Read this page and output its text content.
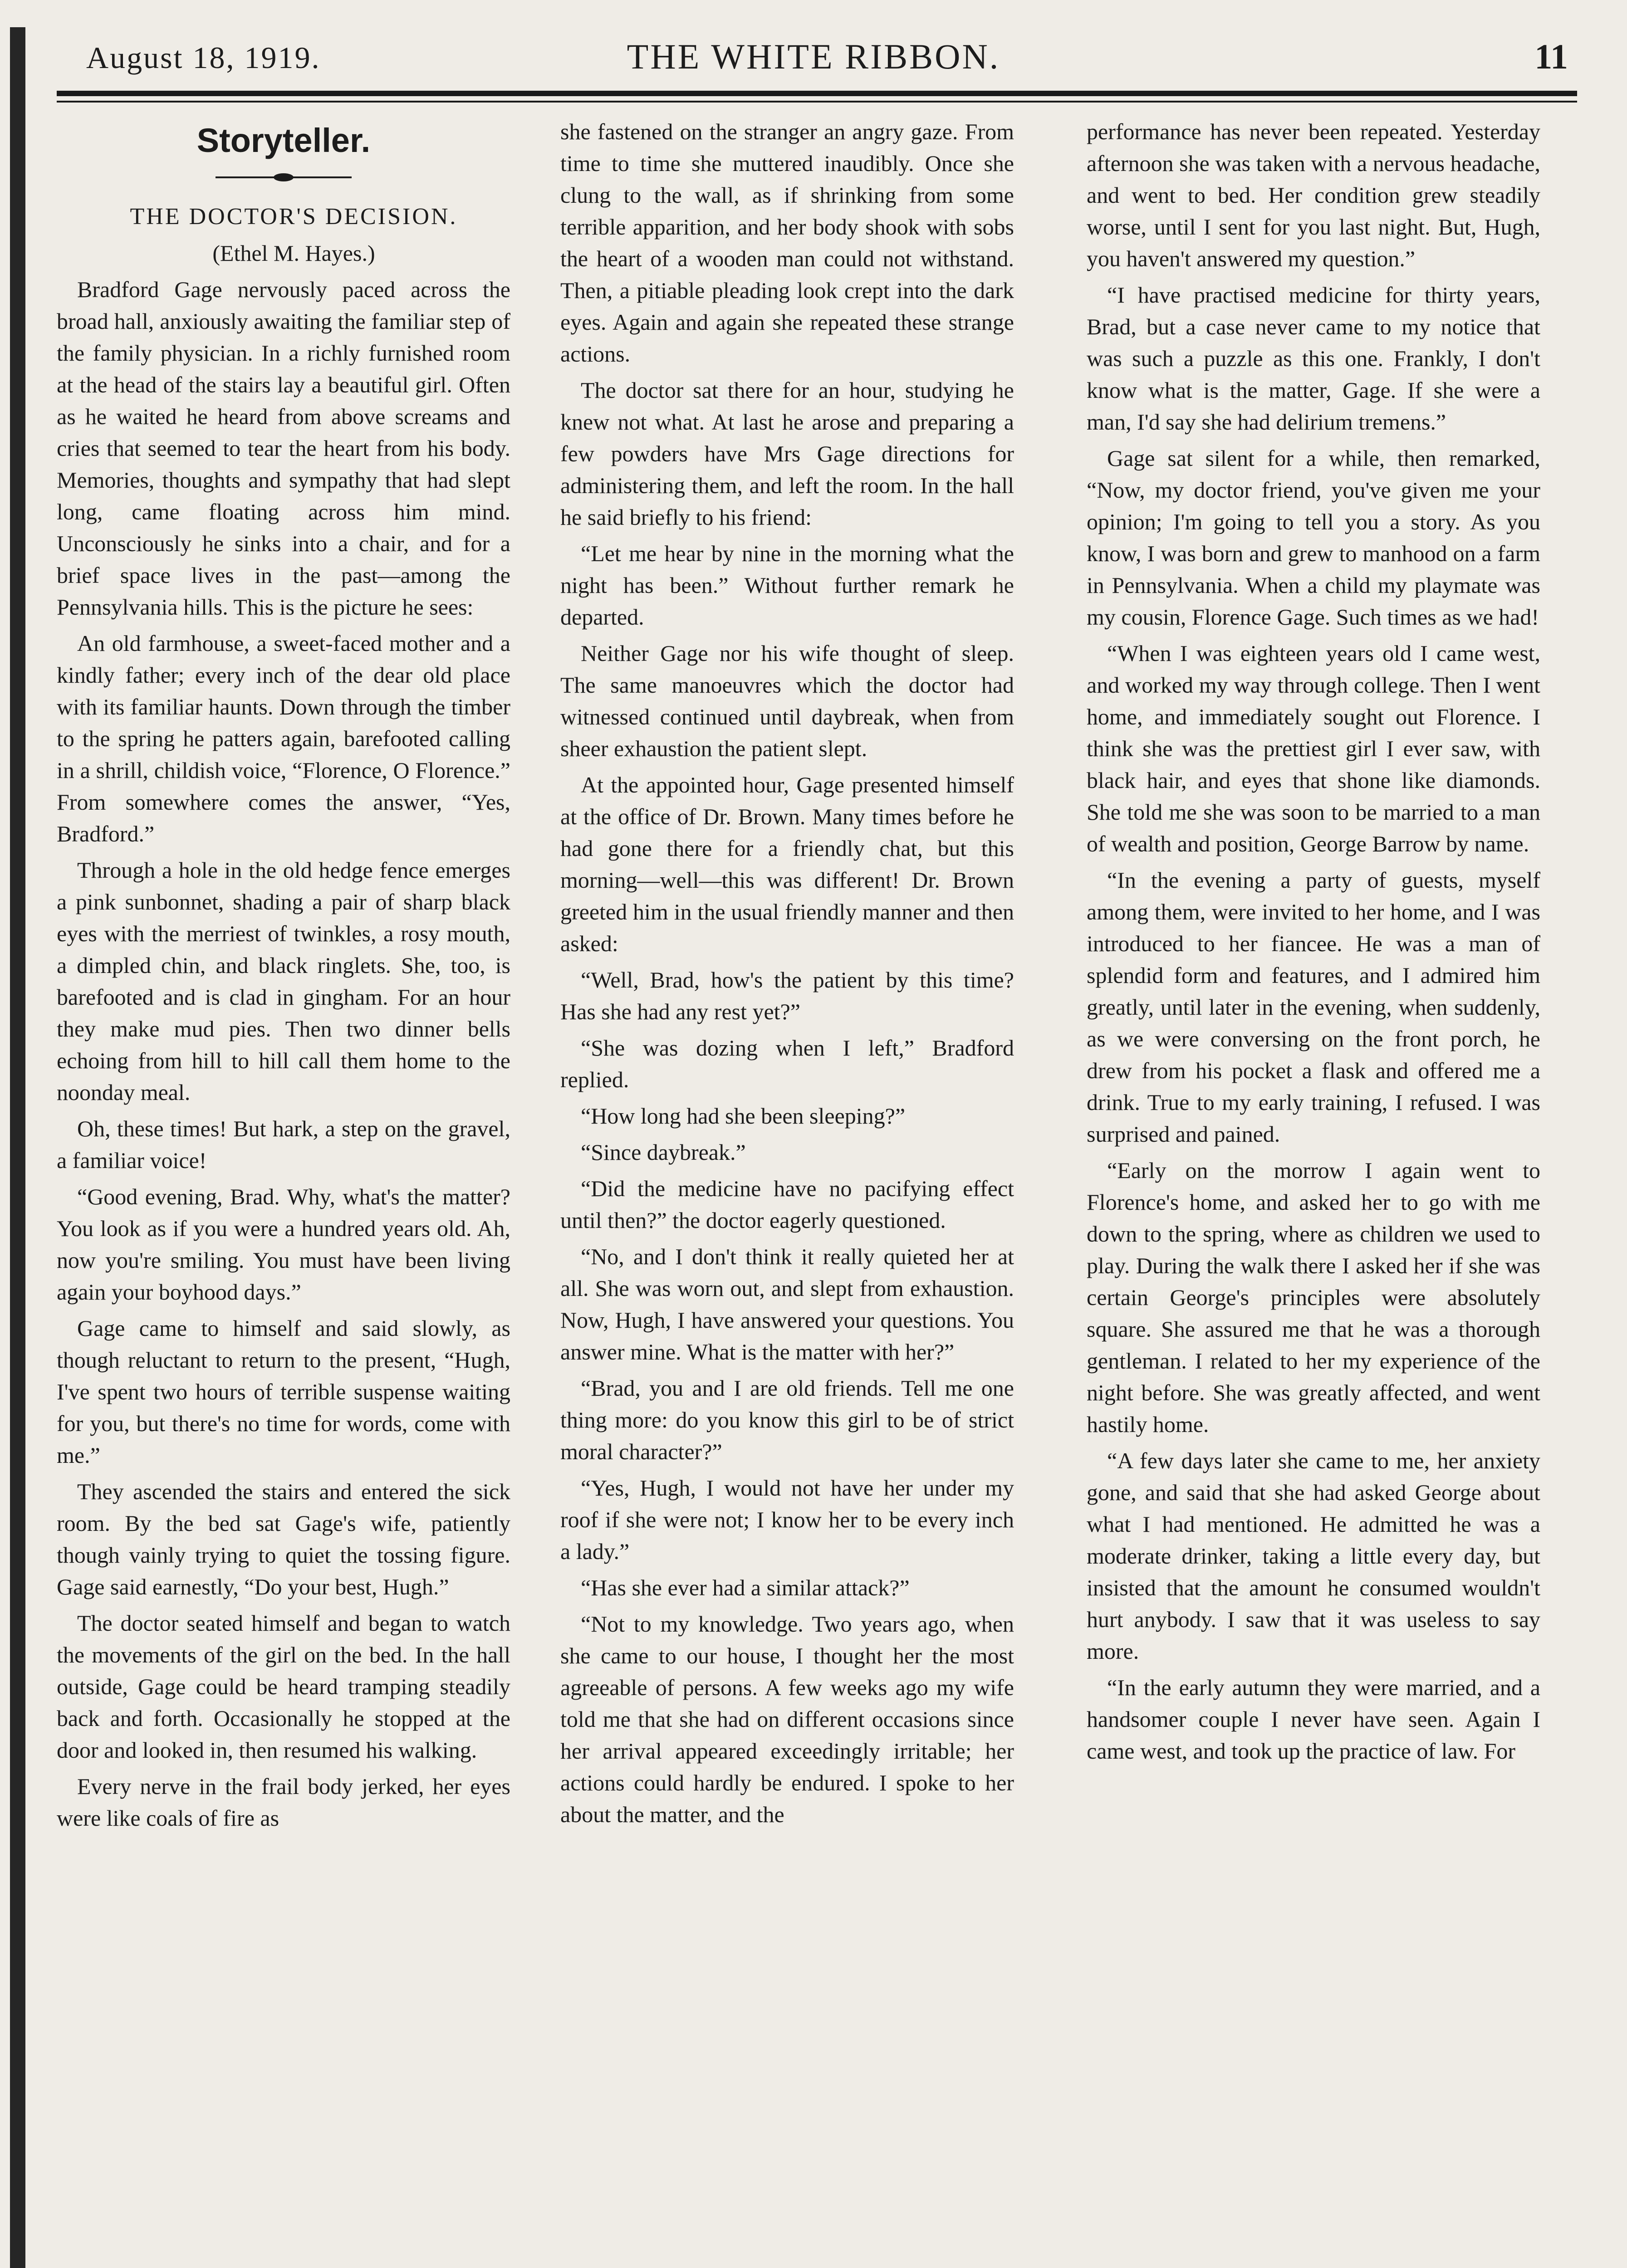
August 18, 1919.	THE WHITE RIBBON.	11
Storyteller.

THE DOCTOR'S DECISION.

(Ethel M. Hayes.)

Bradford Gage nervously paced across the broad hall, anxiously awaiting the familiar step of the family physician. In a richly furnished room at the head of the stairs lay a beautiful girl. Often as he waited he heard from above screams and cries that seemed to tear the heart from his body. Memories, thoughts and sympathy that had slept long, came floating across him mind. Unconsciously he sinks into a chair, and for a brief space lives in the past—among the Pennsylvania hills. This is the picture he sees:

An old farmhouse, a sweet-faced mother and a kindly father; every inch of the dear old place with its familiar haunts. Down through the timber to the spring he patters again, barefooted calling in a shrill, childish voice, “Florence, O Florence.” From somewhere comes the answer, “Yes, Bradford.”

Through a hole in the old hedge fence emerges a pink sunbonnet, shading a pair of sharp black eyes with the merriest of twinkles, a rosy mouth, a dimpled chin, and black ringlets. She, too, is barefooted and is clad in gingham. For an hour they make mud pies. Then two dinner bells echoing from hill to hill call them home to the noonday meal.

Oh, these times! But hark, a step on the gravel, a familiar voice!

“Good evening, Brad. Why, what's the matter? You look as if you were a hundred years old. Ah, now you're smiling. You must have been living again your boyhood days.”

Gage came to himself and said slowly, as though reluctant to return to the present, “Hugh, I've spent two hours of terrible suspense waiting for you, but there's no time for words, come with me.”

They ascended the stairs and entered the sick room. By the bed sat Gage's wife, patiently though vainly trying to quiet the tossing figure. Gage said earnestly, “Do your best, Hugh.”

The doctor seated himself and began to watch the movements of the girl on the bed. In the hall outside, Gage could be heard tramping steadily back and forth. Occasionally he stopped at the door and looked in, then resumed his walking.

Every nerve in the frail body jerked, her eyes were like coals of fire as

she fastened on the stranger an angry gaze. From time to time she muttered inaudibly. Once she clung to the wall, as if shrinking from some terrible apparition, and her body shook with sobs the heart of a wooden man could not withstand. Then, a pitiable pleading look crept into the dark eyes. Again and again she repeated these strange actions.

The doctor sat there for an hour, studying he knew not what. At last he arose and preparing a few powders have Mrs Gage directions for administering them, and left the room. In the hall he said briefly to his friend:

“Let me hear by nine in the morning what the night has been.” Without further remark he departed.

Neither Gage nor his wife thought of sleep. The same manoeuvres which the doctor had witnessed continued until daybreak, when from sheer exhaustion the patient slept.

At the appointed hour, Gage presented himself at the office of Dr. Brown. Many times before he had gone there for a friendly chat, but this morning—well—this was different! Dr. Brown greeted him in the usual friendly manner and then asked:

“Well, Brad, how's the patient by this time? Has she had any rest yet?”

“She was dozing when I left,” Bradford replied.

“How long had she been sleeping?”

“Since daybreak.”

“Did the medicine have no pacifying effect until then?” the doctor eagerly questioned.

“No, and I don't think it really quieted her at all. She was worn out, and slept from exhaustion. Now, Hugh, I have answered your questions. You answer mine. What is the matter with her?”

“Brad, you and I are old friends. Tell me one thing more: do you know this girl to be of strict moral character?”

“Yes, Hugh, I would not have her under my roof if she were not; I know her to be every inch a lady.”

“Has she ever had a similar attack?”

“Not to my knowledge. Two years ago, when she came to our house, I thought her the most agreeable of persons. A few weeks ago my wife told me that she had on different occasions since her arrival appeared exceedingly irritable; her actions could hardly be endured. I spoke to her about the matter, and the

performance has never been repeated. Yesterday afternoon she was taken with a nervous headache, and went to bed. Her condition grew steadily worse, until I sent for you last night. But, Hugh, you haven't answered my question.”

“I have practised medicine for thirty years, Brad, but a case never came to my notice that was such a puzzle as this one. Frankly, I don't know what is the matter, Gage. If she were a man, I'd say she had delirium tremens.”

Gage sat silent for a while, then remarked, “Now, my doctor friend, you've given me your opinion; I'm going to tell you a story. As you know, I was born and grew to manhood on a farm in Pennsylvania. When a child my playmate was my cousin, Florence Gage. Such times as we had!

“When I was eighteen years old I came west, and worked my way through college. Then I went home, and immediately sought out Florence. I think she was the prettiest girl I ever saw, with black hair, and eyes that shone like diamonds. She told me she was soon to be married to a man of wealth and position, George Barrow by name.

“In the evening a party of guests, myself among them, were invited to her home, and I was introduced to her fiancee. He was a man of splendid form and features, and I admired him greatly, until later in the evening, when suddenly, as we were conversing on the front porch, he drew from his pocket a flask and offered me a drink. True to my early training, I refused. I was surprised and pained.

“Early on the morrow I again went to Florence's home, and asked her to go with me down to the spring, where as children we used to play. During the walk there I asked her if she was certain George's principles were absolutely square. She assured me that he was a thorough gentleman. I related to her my experience of the night before. She was greatly affected, and went hastily home.

“A few days later she came to me, her anxiety gone, and said that she had asked George about what I had mentioned. He admitted he was a moderate drinker, taking a little every day, but insisted that the amount he consumed wouldn't hurt anybody. I saw that it was useless to say more.

“In the early autumn they were married, and a handsomer couple I never have seen. Again I came west, and took up the practice of law. For
